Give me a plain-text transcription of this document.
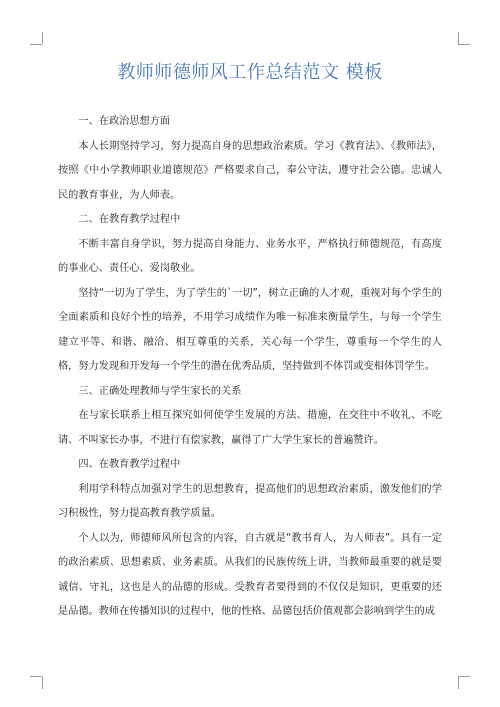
教师师德师风工作总结范文 模板

一、在政治思想方面

本人长期坚持学习，努力提高自身的思想政治素质。学习《教育法》、《教师法》，按照《中小学教师职业道德规范》严格要求自己，奉公守法，遵守社会公德。忠诚人民的教育事业，为人师表。

二、在教育教学过程中

不断丰富自身学识，努力提高自身能力、业务水平，严格执行师德规范，有高度的事业心、责任心、爱岗敬业。

坚持“一切为了学生，为了学生的`一切”，树立正确的人才观，重视对每个学生的全面素质和良好个性的培养，不用学习成绩作为唯一标准来衡量学生，与每一个学生建立平等、和谐、融洽、相互尊重的关系，关心每一个学生，尊重每一个学生的人格，努力发现和开发每一个学生的潜在优秀品质，坚持做到不体罚或变相体罚学生。

三、正确处理教师与学生家长的关系

在与家长联系上相互探究如何使学生发展的方法、措施，在交往中不收礼、不吃请、不叫家长办事，不进行有偿家教，赢得了广大学生家长的普遍赞许。

四、在教育教学过程中

利用学科特点加强对学生的思想教育，提高他们的思想政治素质，激发他们的学习积极性，努力提高教育教学质量。

个人以为，师德师风所包含的内容，自古就是“教书育人，为人师表”。具有一定的政治素质、思想素质、业务素质。从我们的民族传统上讲，当教师最重要的就是要诚信、守礼，这也是人的品德的形成。受教育者要得到的不仅仅是知识，更重要的还是品德。教师在传播知识的过程中，他的性格、品德包括价值观都会影响到学生的成
